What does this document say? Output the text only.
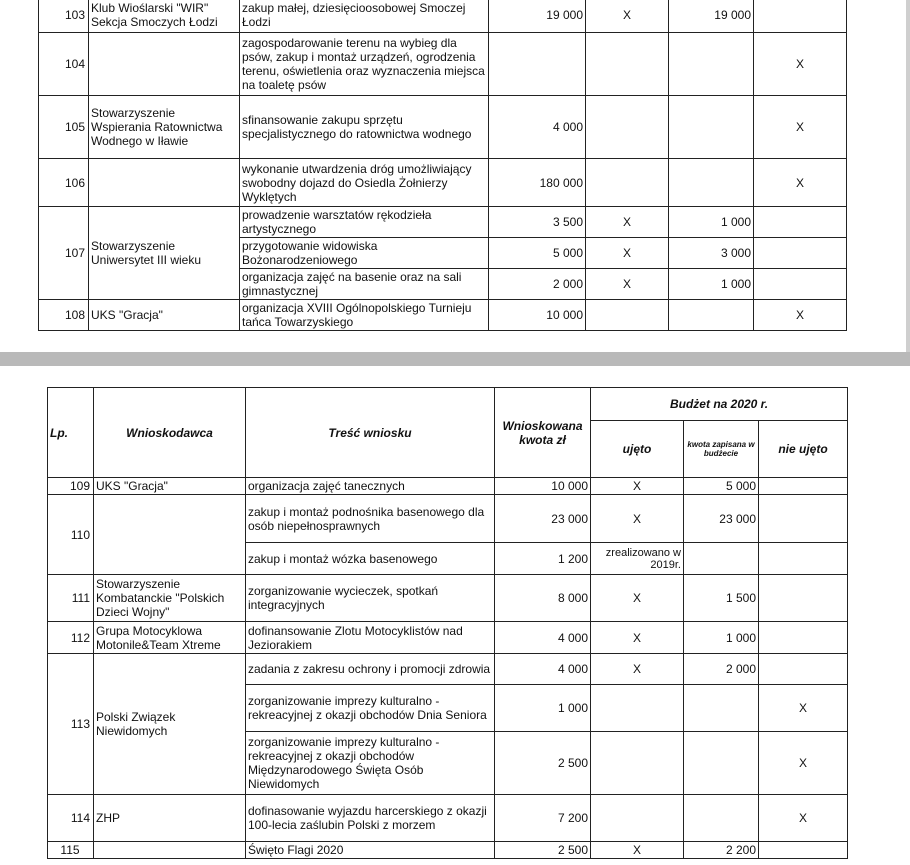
103	Klub Wioślarski "WIR" Sekcja Smoczych Łodzi	zakup małej, dziesięcioosobowej Smoczej Łodzi	19 000	X	19 000	
104		zagospodarowanie terenu na wybieg dla psów, zakup i montaż urządzeń, ogrodzenia terenu, oświetlenia oraz wyznaczenia miejsca na toaletę psów				X
105	Stowarzyszenie Wspierania Ratownictwa Wodnego w Iławie	sfinansowanie zakupu sprzętu specjalistycznego do ratownictwa wodnego	4 000			X
106		wykonanie utwardzenia dróg umożliwiający swobodny dojazd do Osiedla Żołnierzy Wyklętych	180 000			X
107	Stowarzyszenie Uniwersytet III wieku	prowadzenie warsztatów rękodzieła artystycznego	3 500	X	1 000	
		przygotowanie widowiska Bożonarodzeniowego	5 000	X	3 000	
		organizacja zajęć na basenie oraz na sali gimnastycznej	2 000	X	1 000	
108	UKS "Gracja"	organizacja XVIII Ogólnopolskiego Turnieju tańca Towarzyskiego	10 000			X
Lp.	Wnioskodawca	Treść wniosku	Wnioskowana kwota zł	Budżet na 2020 r.		
				ujęto	kwota zapisana w budżecie	nie ujęto
109	UKS "Gracja"	organizacja zajęć tanecznych	10 000	X	5 000	
110		zakup i montaż podnośnika basenowego dla osób niepełnosprawnych	23 000	X	23 000	
		zakup i montaż wózka basenowego	1 200	zrealizowano w 2019r.		
111	Stowarzyszenie Kombatanckie "Polskich Dzieci Wojny"	zorganizowanie wycieczek, spotkań integracyjnych	8 000	X	1 500	
112	Grupa Motocyklowa Motonile&Team Xtreme	dofinansowanie Zlotu Motocyklistów nad Jeziorakiem	4 000	X	1 000	
113	Polski Związek Niewidomych	zadania z zakresu ochrony i promocji zdrowia	4 000	X	2 000	
		zorganizowanie imprezy kulturalno - rekreacyjnej z okazji obchodów Dnia Seniora	1 000			X
		zorganizowanie imprezy kulturalno - rekreacyjnej z okazji obchodów Międzynarodowego Święta Osób Niewidomych	2 500			X
114	ZHP	dofinasowanie wyjazdu harcerskiego z okazji 100-lecia zaślubin Polski z morzem	7 200			X
115		Święto Flagi 2020	2 500	X	2 200	
